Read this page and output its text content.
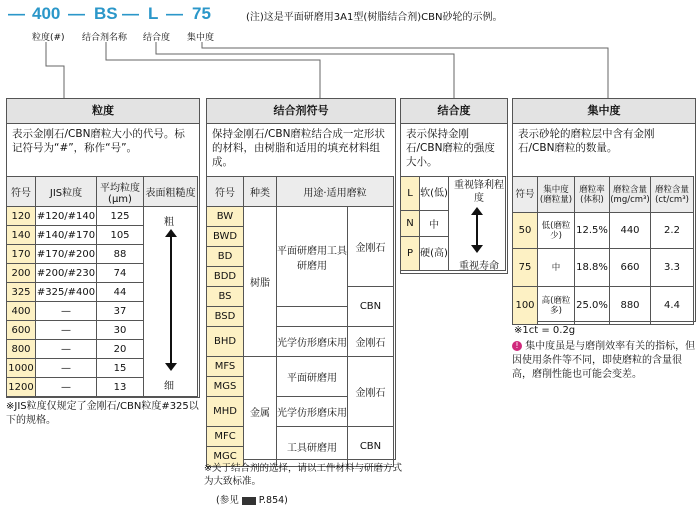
— 400 — BS — L — 75	(注)这是平面研磨用3A1型(树脂结合剂)CBN砂轮的示例。
粒度(#) 结合剂名称 结合度 集中度
粒度
表示金刚石/CBN磨粒大小的代号。标记符号为“#”，称作“号”。
符号	JIS粒度	平均粒度(μm)	表面粗糙度
120	#120/#140	125	粗
细

140	#140/#170	105	
170	#170/#200	88	
200	#200/#230	74	
325	#325/#400	44	
400	—	37	
600	—	30	
800	—	20	
1000	—	15	
1200	—	13	
※JIS粒度仅规定了金刚石/CBN粒度#325以下的规格。
结合剂符号
保持金刚石/CBN磨粒结合成一定形状的材料，由树脂和适用的填充材料组成。
符号	种类	用途·适用磨粒	
BW	树脂	平面研磨用工具研磨用	金刚石
BWD			
BD			
BDD			
BS			CBN
BSD			
BHD		光学仿形磨床用	金刚石
MFS	金属	平面研磨用	金刚石
MGS			
MHD		光学仿形磨床用	
MFC		工具研磨用	CBN
MGC			
※关于结合剂的选择，请以工件材料与研磨方式为大致标准。
(参见 P.854)
结合度
表示保持金刚石/CBN磨粒的强度大小。
L	软(低)	重视锋利程度
重视寿命

N	中	
P	硬(高)	
集中度
表示砂轮的磨粒层中含有金刚石/CBN磨粒的数量。
符号	集中度(磨粒量)	磨粒率(体积)	磨粒含量(mg/cm³)	磨粒含量(ct/cm³)
50	低(磨粒少)	12.5%	440	2.2
75	中	18.8%	660	3.3
100	高(磨粒多)	25.0%	880	4.4
※1ct = 0.2g
! 集中度虽是与磨削效率有关的指标，但因使用条件等不同，即使磨粒的含量很高，磨削性能也可能会变差。
